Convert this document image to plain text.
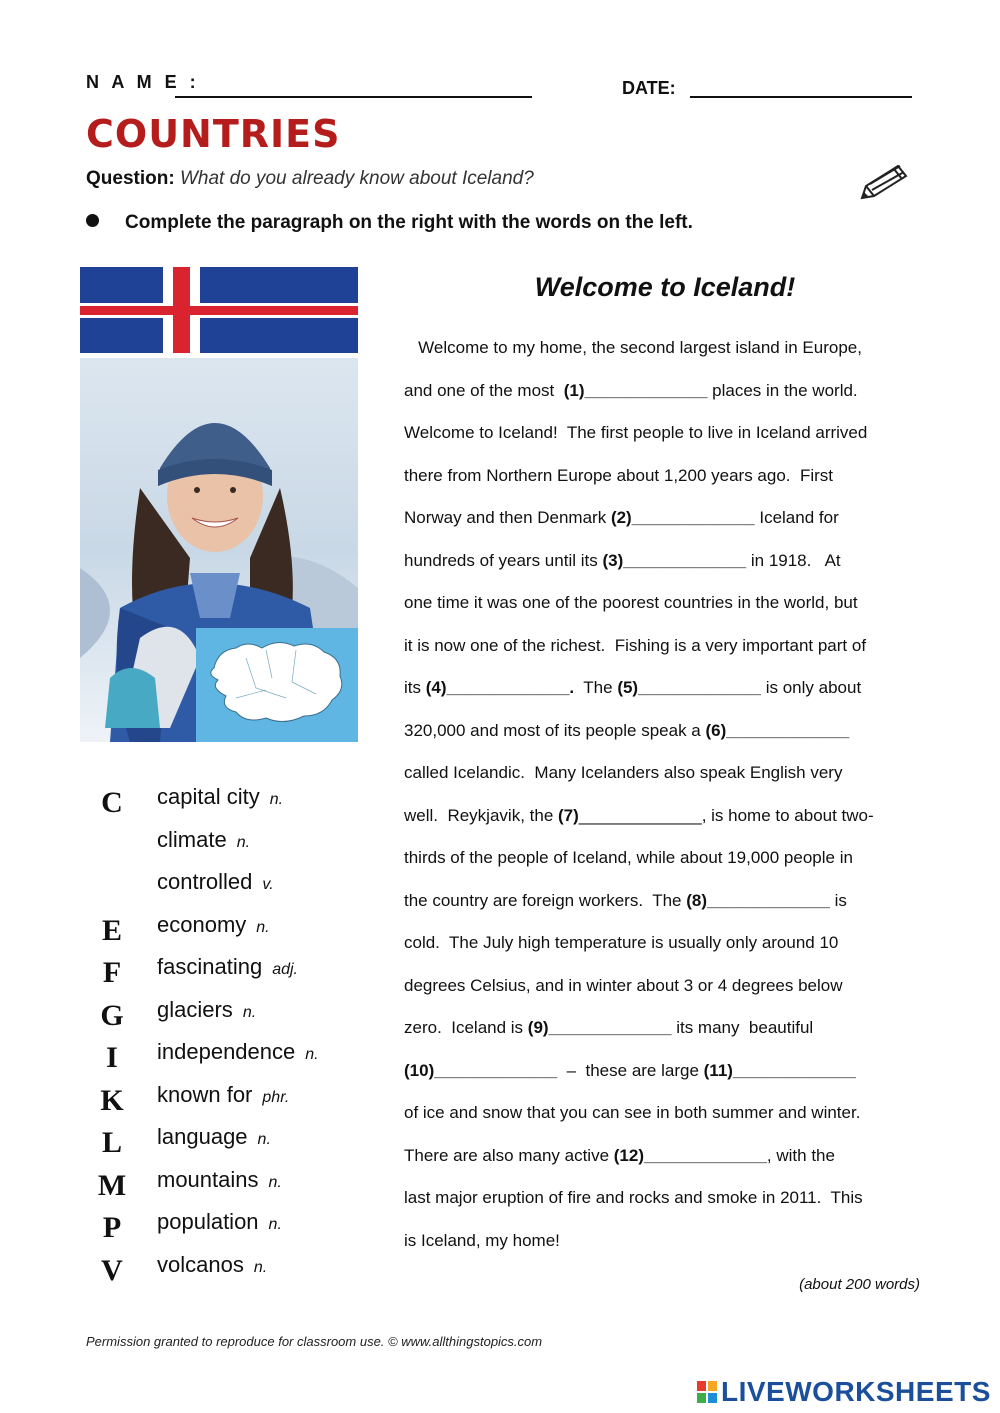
N A M E :	DATE:
COUNTRIES
Question: What do you already know about Iceland?
Complete the paragraph on the right with the words on the left.
C	capital city n.
climate n.
controlled v.
E	economy n.
F	fascinating adj.
G	glaciers n.
I	independence n.
K	known for phr.
L	language n.
M	mountains n.
P	population n.
V	volcanos n.
Welcome to Iceland!
Welcome to my home, the second largest island in Europe,
and one of the most  (1)_____________ places in the world.
Welcome to Iceland!  The first people to live in Iceland arrived
there from Northern Europe about 1,200 years ago.  First
Norway and then Denmark (2)_____________ Iceland for
hundreds of years until its (3)_____________ in 1918.   At
one time it was one of the poorest countries in the world, but
it is now one of the richest.  Fishing is a very important part of
its (4)_____________.  The (5)_____________ is only about
320,000 and most of its people speak a (6)_____________
called Icelandic.  Many Icelanders also speak English very
well.  Reykjavik, the (7)_____________, is home to about two-
thirds of the people of Iceland, while about 19,000 people in
the country are foreign workers.  The (8)_____________ is
cold.  The July high temperature is usually only around 10
degrees Celsius, and in winter about 3 or 4 degrees below
zero.  Iceland is (9)_____________ its many  beautiful
(10)_____________  –  these are large (11)_____________
of ice and snow that you can see in both summer and winter.
There are also many active (12)_____________, with the
last major eruption of fire and rocks and smoke in 2011.  This
is Iceland, my home!
(about 200 words)
Permission granted to reproduce for classroom use. © www.allthingstopics.com
LIVEWORKSHEETS
